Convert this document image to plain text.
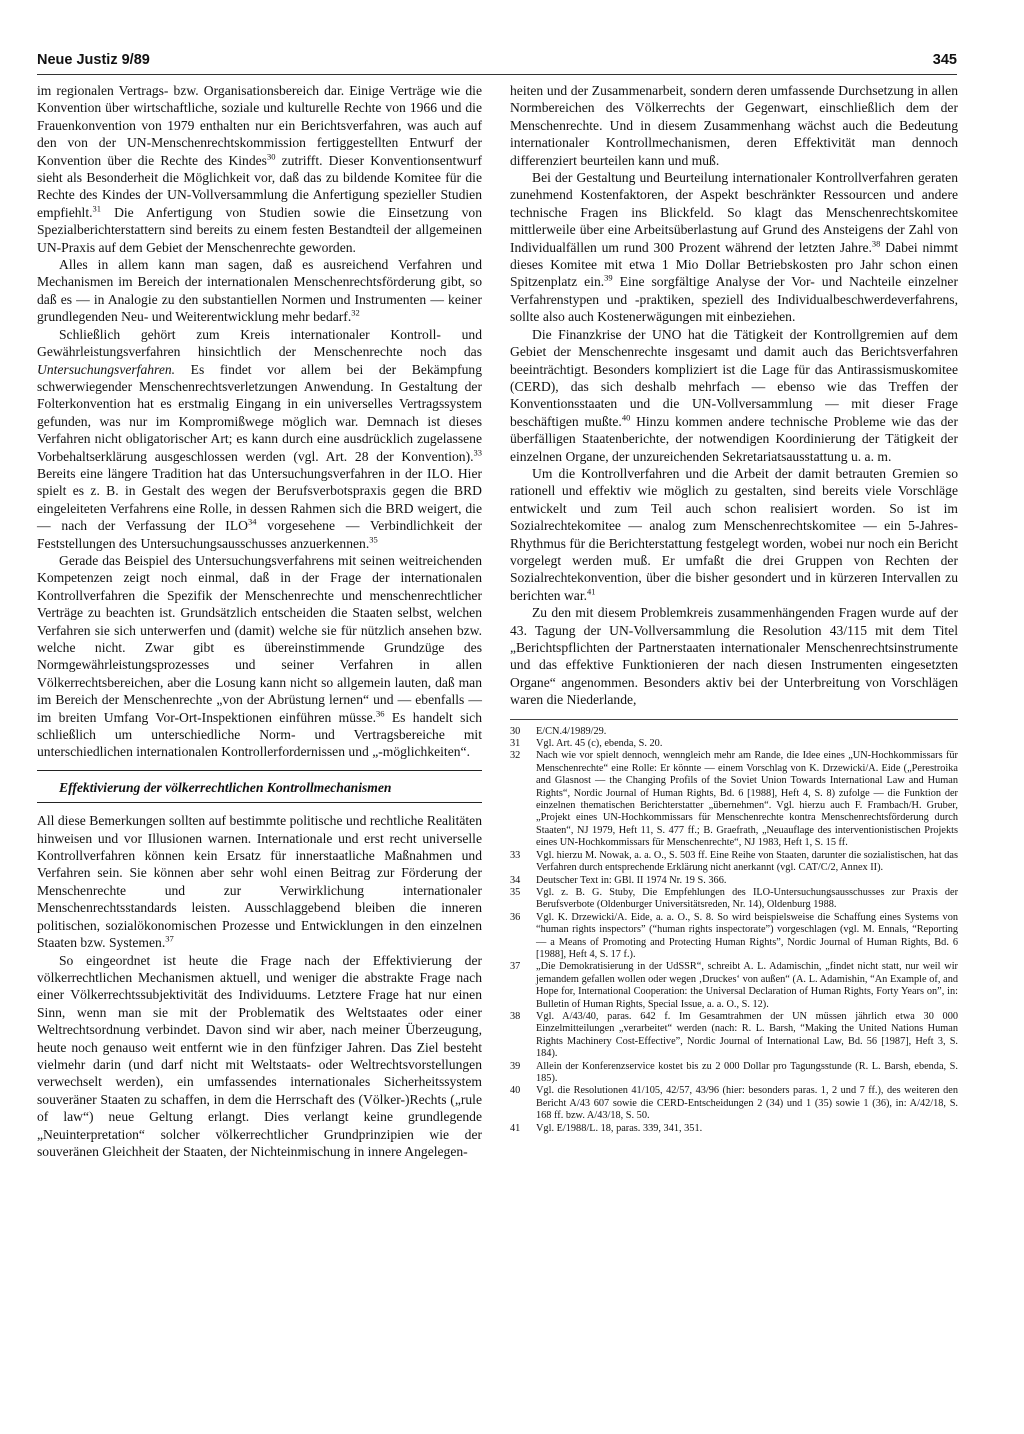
Neue Justiz 9/89	345

im regionalen Vertrags- bzw. Organisationsbereich dar. Einige Verträge wie die Konvention über wirtschaftliche, soziale und kulturelle Rechte von 1966 und die Frauenkonvention von 1979 enthalten nur ein Berichtsverfahren, was auch auf den von der UN-Menschenrechtskommission fertiggestellten Entwurf der Konvention über die Rechte des Kindes$^{30}$ zutrifft. Dieser Konventionsentwurf sieht als Besonderheit die Möglichkeit vor, daß das zu bildende Komitee für die Rechte des Kindes der UN-Vollversammlung die Anfertigung spezieller Studien empfiehlt.$^{31}$ Die Anfertigung von Studien sowie die Einsetzung von Spezialberichterstattern sind bereits zu einem festen Bestandteil der allgemeinen UN-Praxis auf dem Gebiet der Menschenrechte geworden.

Alles in allem kann man sagen, daß es ausreichend Verfahren und Mechanismen im Bereich der internationalen Menschenrechtsförderung gibt, so daß es — in Analogie zu den substantiellen Normen und Instrumenten — keiner grundlegenden Neu- und Weiterentwicklung mehr bedarf.$^{32}$

Schließlich gehört zum Kreis internationaler Kontroll- und Gewährleistungsverfahren hinsichtlich der Menschenrechte noch das Untersuchungsverfahren. Es findet vor allem bei der Bekämpfung schwerwiegender Menschenrechtsverletzungen Anwendung. In Gestaltung der Folterkonvention hat es erstmalig Eingang in ein universelles Vertragssystem gefunden, was nur im Kompromißwege möglich war. Demnach ist dieses Verfahren nicht obligatorischer Art; es kann durch eine ausdrücklich zugelassene Vorbehaltserklärung ausgeschlossen werden (vgl. Art. 28 der Konvention).$^{33}$ Bereits eine längere Tradition hat das Untersuchungsverfahren in der ILO. Hier spielt es z. B. in Gestalt des wegen der Berufsverbotspraxis gegen die BRD eingeleiteten Verfahrens eine Rolle, in dessen Rahmen sich die BRD weigert, die — nach der Verfassung der ILO$^{34}$ vorgesehene — Verbindlichkeit der Feststellungen des Untersuchungsausschusses anzuerkennen.$^{35}$

Gerade das Beispiel des Untersuchungsverfahrens mit seinen weitreichenden Kompetenzen zeigt noch einmal, daß in der Frage der internationalen Kontrollverfahren die Spezifik der Menschenrechte und menschenrechtlicher Verträge zu beachten ist. Grundsätzlich entscheiden die Staaten selbst, welchen Verfahren sie sich unterwerfen und (damit) welche sie für nützlich ansehen bzw. welche nicht. Zwar gibt es übereinstimmende Grundzüge des Normgewährleistungsprozesses und seiner Verfahren in allen Völkerrechtsbereichen, aber die Losung kann nicht so allgemein lauten, daß man im Bereich der Menschenrechte „von der Abrüstung lernen“ und — ebenfalls — im breiten Umfang Vor-Ort-Inspektionen einführen müsse.$^{36}$ Es handelt sich schließlich um unterschiedliche Norm- und Vertragsbereiche mit unterschiedlichen internationalen Kontrollerfordernissen und „-möglichkeiten“.

Effektivierung der völkerrechtlichen Kontrollmechanismen

All diese Bemerkungen sollten auf bestimmte politische und rechtliche Realitäten hinweisen und vor Illusionen warnen. Internationale und erst recht universelle Kontrollverfahren können kein Ersatz für innerstaatliche Maßnahmen und Verfahren sein. Sie können aber sehr wohl einen Beitrag zur Förderung der Menschenrechte und zur Verwirklichung internationaler Menschenrechtsstandards leisten. Ausschlaggebend bleiben die inneren politischen, sozialökonomischen Prozesse und Entwicklungen in den einzelnen Staaten bzw. Systemen.$^{37}$

So eingeordnet ist heute die Frage nach der Effektivierung der völkerrechtlichen Mechanismen aktuell, und weniger die abstrakte Frage nach einer Völkerrechtssubjektivität des Individuums. Letztere Frage hat nur einen Sinn, wenn man sie mit der Problematik des Weltstaates oder einer Weltrechtsordnung verbindet. Davon sind wir aber, nach meiner Überzeugung, heute noch genauso weit entfernt wie in den fünfziger Jahren. Das Ziel besteht vielmehr darin (und darf nicht mit Weltstaats- oder Weltrechtsvorstellungen verwechselt werden), ein umfassendes internationales Sicherheitssystem souveräner Staaten zu schaffen, in dem die Herrschaft des (Völker-)Rechts („rule of law“) neue Geltung erlangt. Dies verlangt keine grundlegende „Neuinterpretation“ solcher völkerrechtlicher Grundprinzipien wie der souveränen Gleichheit der Staaten, der Nichteinmischung in innere Angelegen-

heiten und der Zusammenarbeit, sondern deren umfassende Durchsetzung in allen Normbereichen des Völkerrechts der Gegenwart, einschließlich dem der Menschenrechte. Und in diesem Zusammenhang wächst auch die Bedeutung internationaler Kontrollmechanismen, deren Effektivität man dennoch differenziert beurteilen kann und muß.

Bei der Gestaltung und Beurteilung internationaler Kontrollverfahren geraten zunehmend Kostenfaktoren, der Aspekt beschränkter Ressourcen und andere technische Fragen ins Blickfeld. So klagt das Menschenrechtskomitee mittlerweile über eine Arbeitsüberlastung auf Grund des Ansteigens der Zahl von Individualfällen um rund 300 Prozent während der letzten Jahre.$^{38}$ Dabei nimmt dieses Komitee mit etwa 1 Mio Dollar Betriebskosten pro Jahr schon einen Spitzenplatz ein.$^{39}$ Eine sorgfältige Analyse der Vor- und Nachteile einzelner Verfahrenstypen und -praktiken, speziell des Individualbeschwerdeverfahrens, sollte also auch Kostenerwägungen mit einbeziehen.

Die Finanzkrise der UNO hat die Tätigkeit der Kontrollgremien auf dem Gebiet der Menschenrechte insgesamt und damit auch das Berichtsverfahren beeinträchtigt. Besonders kompliziert ist die Lage für das Antirassismuskomitee (CERD), das sich deshalb mehrfach — ebenso wie das Treffen der Konventionsstaaten und die UN-Vollversammlung — mit dieser Frage beschäftigen mußte.$^{40}$ Hinzu kommen andere technische Probleme wie das der überfälligen Staatenberichte, der notwendigen Koordinierung der Tätigkeit der einzelnen Organe, der unzureichenden Sekretariatsausstattung u. a. m.

Um die Kontrollverfahren und die Arbeit der damit betrauten Gremien so rationell und effektiv wie möglich zu gestalten, sind bereits viele Vorschläge entwickelt und zum Teil auch schon realisiert worden. So ist im Sozialrechtekomitee — analog zum Menschenrechtskomitee — ein 5-Jahres-Rhythmus für die Berichterstattung festgelegt worden, wobei nur noch ein Bericht vorgelegt werden muß. Er umfaßt die drei Gruppen von Rechten der Sozialrechtekonvention, über die bisher gesondert und in kürzeren Intervallen zu berichten war.$^{41}$

Zu den mit diesem Problemkreis zusammenhängenden Fragen wurde auf der 43. Tagung der UN-Vollversammlung die Resolution 43/115 mit dem Titel „Berichtspflichten der Partnerstaaten internationaler Menschenrechtsinstrumente und das effektive Funktionieren der nach diesen Instrumenten eingesetzten Organe“ angenommen. Besonders aktiv bei der Unterbreitung von Vorschlägen waren die Niederlande,

30	E/CN.4/1989/29.
31	Vgl. Art. 45 (c), ebenda, S. 20.
32	Nach wie vor spielt dennoch, wenngleich mehr am Rande, die Idee eines „UN-Hochkommissars für Menschenrechte“ eine Rolle: Er könnte — einem Vorschlag von K. Drzewicki/A. Eide („Perestroika and Glasnost — the Changing Profils of the Soviet Union Towards International Law and Human Rights“, Nordic Journal of Human Rights, Bd. 6 [1988], Heft 4, S. 8) zufolge — die Funktion der einzelnen thematischen Berichterstatter „übernehmen“. Vgl. hierzu auch F. Frambach/H. Gruber, „Projekt eines UN-Hochkommissars für Menschenrechte kontra Menschenrechtsförderung durch Staaten“, NJ 1979, Heft 11, S. 477 ff.; B. Graefrath, „Neuauflage des interventionistischen Projekts eines UN-Hochkommissars für Menschenrechte“, NJ 1983, Heft 1, S. 15 ff.
33	Vgl. hierzu M. Nowak, a. a. O., S. 503 ff. Eine Reihe von Staaten, darunter die sozialistischen, hat das Verfahren durch entsprechende Erklärung nicht anerkannt (vgl. CAT/C/2, Annex II).
34	Deutscher Text in: GBl. II 1974 Nr. 19 S. 366.
35	Vgl. z. B. G. Stuby, Die Empfehlungen des ILO-Untersuchungsausschusses zur Praxis der Berufsverbote (Oldenburger Universitätsreden, Nr. 14), Oldenburg 1988.
36	Vgl. K. Drzewicki/A. Eide, a. a. O., S. 8. So wird beispielsweise die Schaffung eines Systems von “human rights inspectors” (“human rights inspectorate”) vorgeschlagen (vgl. M. Ennals, “Reporting — a Means of Promoting and Protecting Human Rights”, Nordic Journal of Human Rights, Bd. 6 [1988], Heft 4, S. 17 f.).
37	„Die Demokratisierung in der UdSSR“, schreibt A. L. Adamischin, „findet nicht statt, nur weil wir jemandem gefallen wollen oder wegen ‚Druckes‘ von außen“ (A. L. Adamishin, “An Example of, and Hope for, International Cooperation: the Universal Declaration of Human Rights, Forty Years on”, in: Bulletin of Human Rights, Special Issue, a. a. O., S. 12).
38	Vgl. A/43/40, paras. 642 f. Im Gesamtrahmen der UN müssen jährlich etwa 30 000 Einzelmitteilungen „verarbeitet“ werden (nach: R. L. Barsh, “Making the United Nations Human Rights Machinery Cost-Effective”, Nordic Journal of International Law, Bd. 56 [1987], Heft 3, S. 184).
39	Allein der Konferenzservice kostet bis zu 2 000 Dollar pro Tagungsstunde (R. L. Barsh, ebenda, S. 185).
40	Vgl. die Resolutionen 41/105, 42/57, 43/96 (hier: besonders paras. 1, 2 und 7 ff.), des weiteren den Bericht A/43 607 sowie die CERD-Entscheidungen 2 (34) und 1 (35) sowie 1 (36), in: A/42/18, S. 168 ff. bzw. A/43/18, S. 50.
41	Vgl. E/1988/L. 18, paras. 339, 341, 351.
